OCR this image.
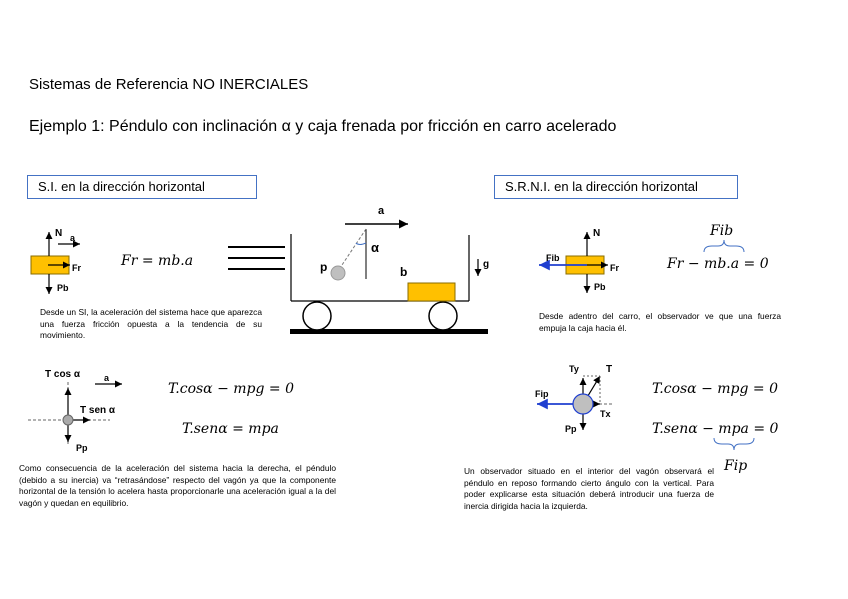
Sistemas de Referencia NO INERCIALES
Ejemplo 1: Péndulo con inclinación α y caja frenada por fricción en carro acelerado
S.I. en la dirección horizontal	S.R.N.I. en la dirección horizontal
N a
Fr
Pb
Fr = mb.a
Desde un SI, la aceleración del sistema hace que aparezca una fuerza fricción opuesta a la tendencia de su movimiento.
a
α
p	b
g
T cos α	a
T sen α
Pp
T.cosα − mpg = 0
T.senα = mpa
Como consecuencia de la aceleración del sistema hacia la derecha, el péndulo (debido a su inercia) va “retrasándose” respecto del vagón ya que la componente horizontal de la tensión lo acelera hasta proporcionarle una aceleración igual a la del vagón y quedan en equilibrio.
Fib
N
Fr
Pb
Fib
Fr − mb.a = 0
Desde adentro del carro, el observador ve que una fuerza empuja la caja hacia él.
Ty	T
Fip
Tx
Pp
T.cosα − mpg = 0
T.senα − mpa = 0
Fip
Un observador situado en el interior del vagón observará el péndulo en reposo formando cierto ángulo con la vertical. Para poder explicarse esta situación deberá introducir una fuerza de inercia dirigida hacia la izquierda.
